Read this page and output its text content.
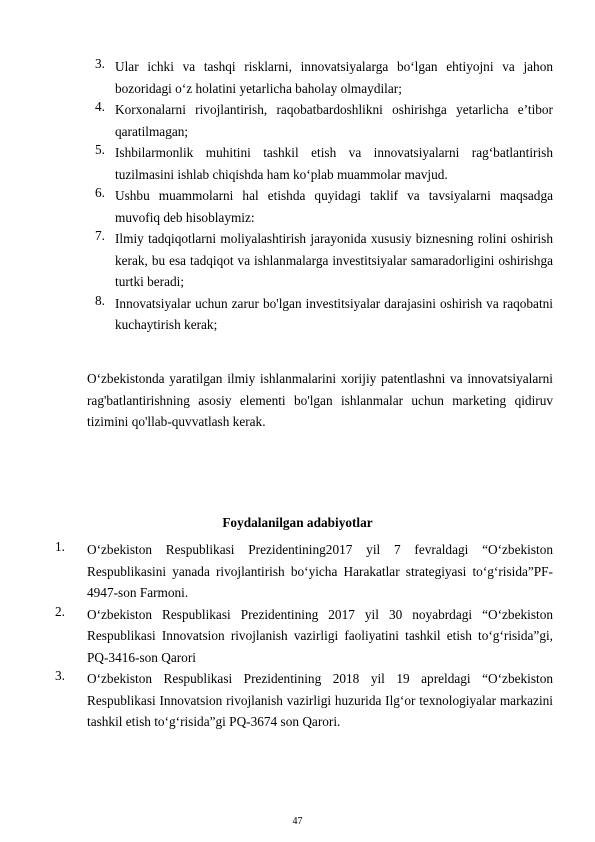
3. Ular ichki va tashqi risklarni, innovatsiyalarga bo‘lgan ehtiyojni va jahon bozoridagi o‘z holatini yetarlicha baholay olmaydilar;
4. Korxonalarni rivojlantirish, raqobatbardoshlikni oshirishga yetarlicha e’tibor qaratilmagan;
5. Ishbilarmonlik muhitini tashkil etish va innovatsiyalarni rag‘batlantirish tuzilmasini ishlab chiqishda ham ko‘plab muammolar mavjud.
6. Ushbu muammolarni hal etishda quyidagi taklif va tavsiyalarni maqsadga muvofiq deb hisoblaymiz:
7. Ilmiy tadqiqotlarni moliyalashtirish jarayonida xususiy biznesning rolini oshirish kerak, bu esa tadqiqot va ishlanmalarga investitsiyalar samaradorligini oshirishga turtki beradi;
8. Innovatsiyalar uchun zarur bo'lgan investitsiyalar darajasini oshirish va raqobatni kuchaytirish kerak;

O‘zbekistonda yaratilgan ilmiy ishlanmalarini xorijiy patentlashni va innovatsiyalarni rag'batlantirishning asosiy elementi bo'lgan ishlanmalar uchun marketing qidiruv tizimini qo'llab-quvvatlash kerak.

Foydalanilgan adabiyotlar

1. O‘zbekiston Respublikasi Prezidentining2017 yil 7 fevraldagi “O‘zbekiston Respublikasini yanada rivojlantirish bo‘yicha Harakatlar strategiyasi to‘g‘risida”PF-4947-son Farmoni.
2. O‘zbekiston Respublikasi Prezidentining 2017 yil 30 noyabrdagi “O‘zbekiston Respublikasi Innovatsion rivojlanish vazirligi faoliyatini tashkil etish to‘g‘risida”gi, PQ-3416-son Qarori
3. O‘zbekiston Respublikasi Prezidentining 2018 yil 19 apreldagi “O‘zbekiston Respublikasi Innovatsion rivojlanish vazirligi huzurida Ilg‘or texnologiyalar markazini tashkil etish to‘g‘risida”gi PQ-3674 son Qarori.

47
